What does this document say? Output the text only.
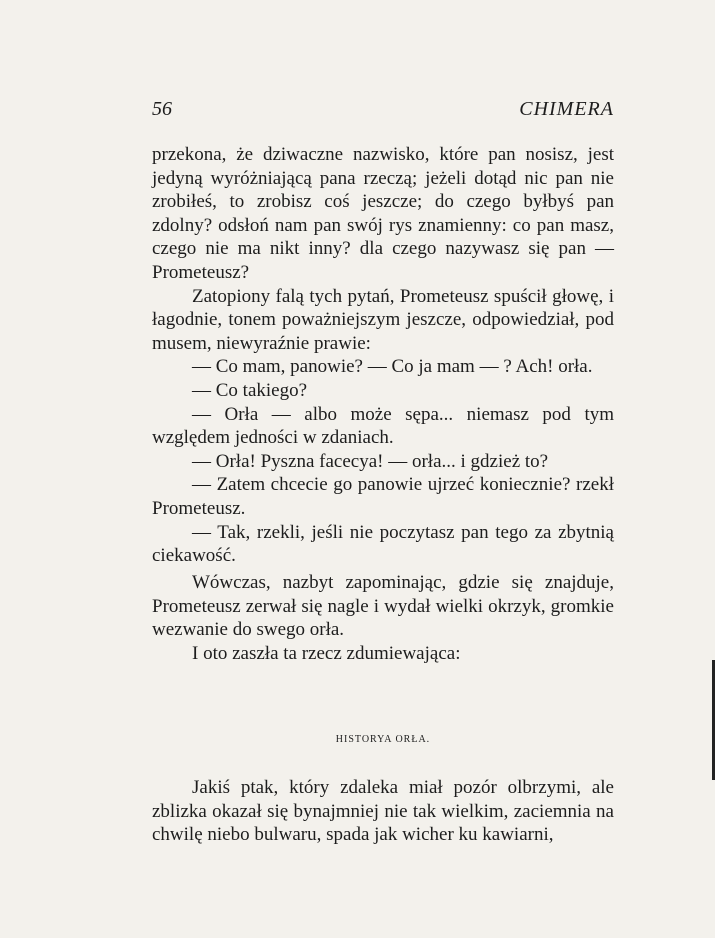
56	CHIMERA

przekona, że dziwaczne nazwisko, które pan nosisz, jest jedyną wyróżniającą pana rzeczą; jeżeli dotąd nic pan nie zrobiłeś, to zrobisz coś jeszcze; do czego byłbyś pan zdolny? odsłoń nam pan swój rys znamienny: co pan masz, czego nie ma nikt inny? dla czego nazywasz się pan — Prometeusz?

Zatopiony falą tych pytań, Prometeusz spuścił głowę, i łagodnie, tonem poważniejszym jeszcze, odpowiedział, pod musem, niewyraźnie prawie:

— Co mam, panowie? — Co ja mam — ? Ach! orła.

— Co takiego?

— Orła — albo może sępa... niemasz pod tym względem jedności w zdaniach.

— Orła! Pyszna facecya! — orła... i gdzież to?

— Zatem chcecie go panowie ujrzeć koniecznie? rzekł Prometeusz.

— Tak, rzekli, jeśli nie poczytasz pan tego za zbytnią ciekawość.

Wówczas, nazbyt zapominając, gdzie się znajduje, Prometeusz zerwał się nagle i wydał wielki okrzyk, gromkie wezwanie do swego orła.

I oto zaszła ta rzecz zdumiewająca:

HISTORYA ORŁA.

Jakiś ptak, który zdaleka miał pozór olbrzymi, ale zblizka okazał się bynajmniej nie tak wielkim, zaciemnia na chwilę niebo bulwaru, spada jak wicher ku kawiarni,
